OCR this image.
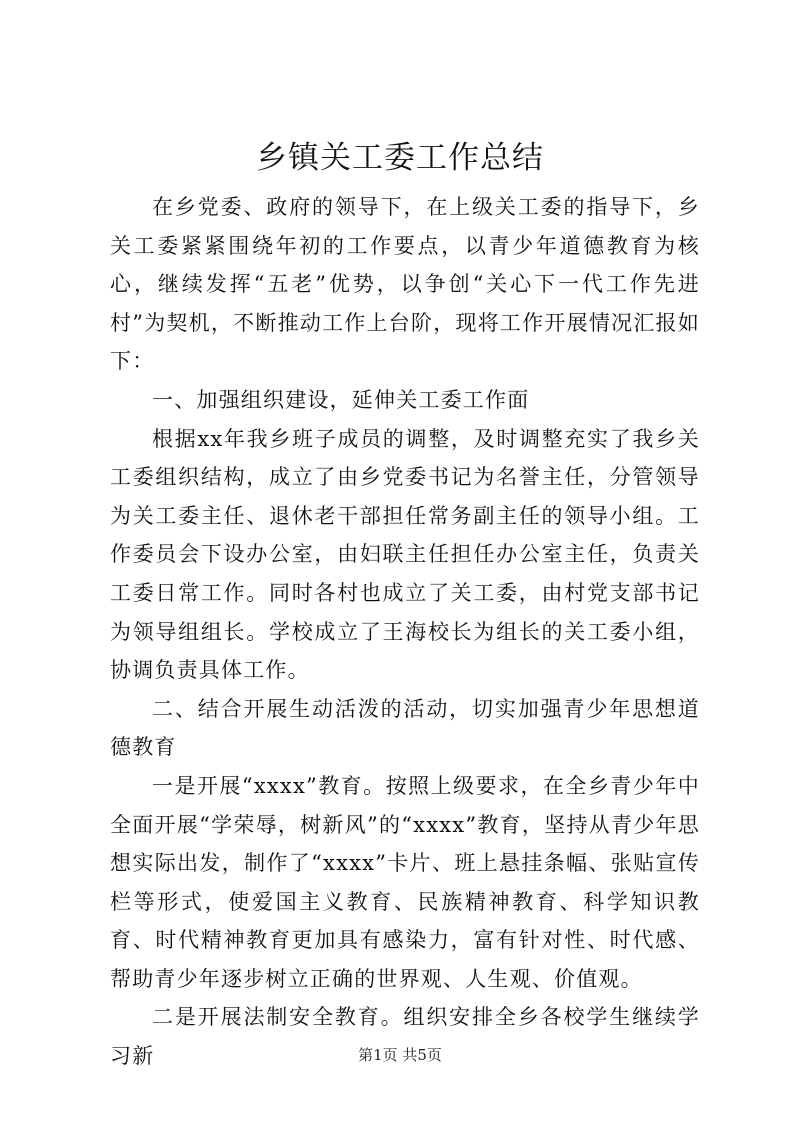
乡镇关工委工作总结

在乡党委、政府的领导下，在上级关工委的指导下，乡关工委紧紧围绕年初的工作要点，以青少年道德教育为核心，继续发挥“五老”优势，以争创“关心下一代工作先进村”为契机，不断推动工作上台阶，现将工作开展情况汇报如下：

一、加强组织建设，延伸关工委工作面

根据xx年我乡班子成员的调整，及时调整充实了我乡关工委组织结构，成立了由乡党委书记为名誉主任，分管领导为关工委主任、退休老干部担任常务副主任的领导小组。工作委员会下设办公室，由妇联主任担任办公室主任，负责关工委日常工作。同时各村也成立了关工委，由村党支部书记为领导组组长。学校成立了王海校长为组长的关工委小组，协调负责具体工作。

二、结合开展生动活泼的活动，切实加强青少年思想道德教育

一是开展“xxxx”教育。按照上级要求，在全乡青少年中全面开展“学荣辱，树新风”的“xxxx”教育，坚持从青少年思想实际出发，制作了“xxxx”卡片、班上悬挂条幅、张贴宣传栏等形式，使爱国主义教育、民族精神教育、科学知识教育、时代精神教育更加具有感染力，富有针对性、时代感、帮助青少年逐步树立正确的世界观、人生观、价值观。

二是开展法制安全教育。组织安排全乡各校学生继续学习新	第1页 共5页
